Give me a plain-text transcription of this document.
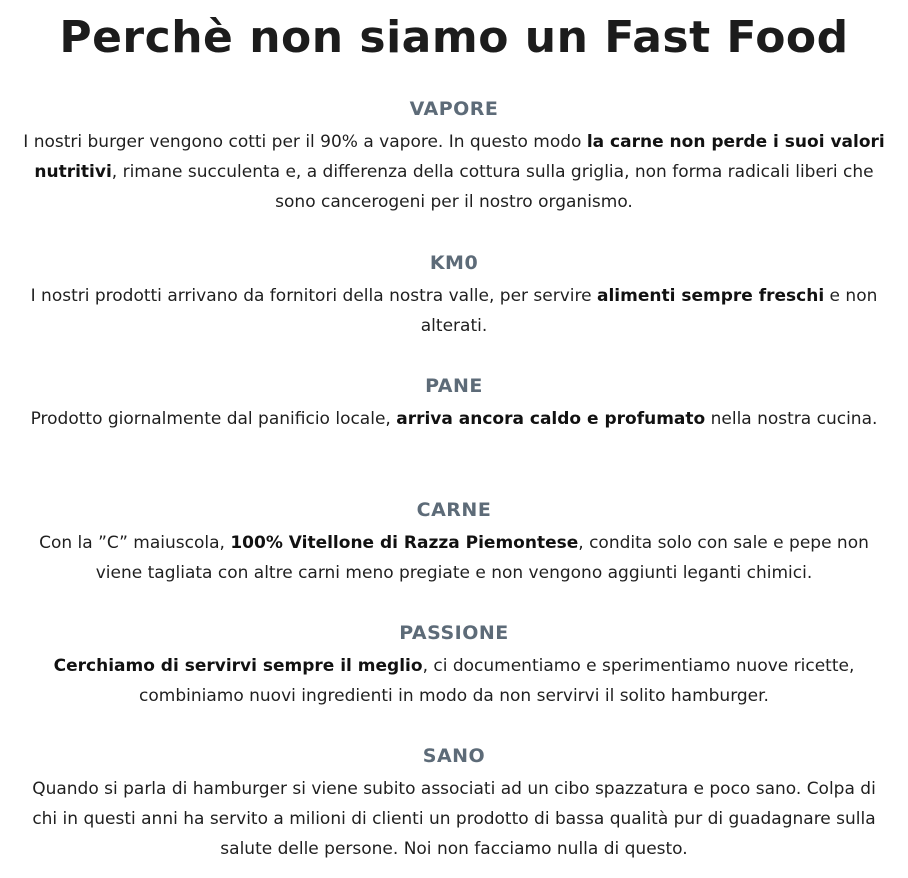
Perchè non siamo un Fast Food
VAPORE

I nostri burger vengono cotti per il 90% a vapore. In questo modo la carne non perde i suoi valori nutritivi, rimane succulenta e, a differenza della cottura sulla griglia, non forma radicali liberi che sono cancerogeni per il nostro organismo.

KM0

I nostri prodotti arrivano da fornitori della nostra valle, per servire alimenti sempre freschi e non alterati.

PANE

Prodotto giornalmente dal panificio locale, arriva ancora caldo e profumato nella nostra cucina.

CARNE

Con la ”C” maiuscola, 100% Vitellone di Razza Piemontese, condita solo con sale e pepe non viene tagliata con altre carni meno pregiate e non vengono aggiunti leganti chimici.

PASSIONE

Cerchiamo di servirvi sempre il meglio, ci documentiamo e sperimentiamo nuove ricette, combiniamo nuovi ingredienti in modo da non servirvi il solito hamburger.

SANO

Quando si parla di hamburger si viene subito associati ad un cibo spazzatura e poco sano. Colpa di chi in questi anni ha servito a milioni di clienti un prodotto di bassa qualità pur di guadagnare sulla salute delle persone. Noi non facciamo nulla di questo.
